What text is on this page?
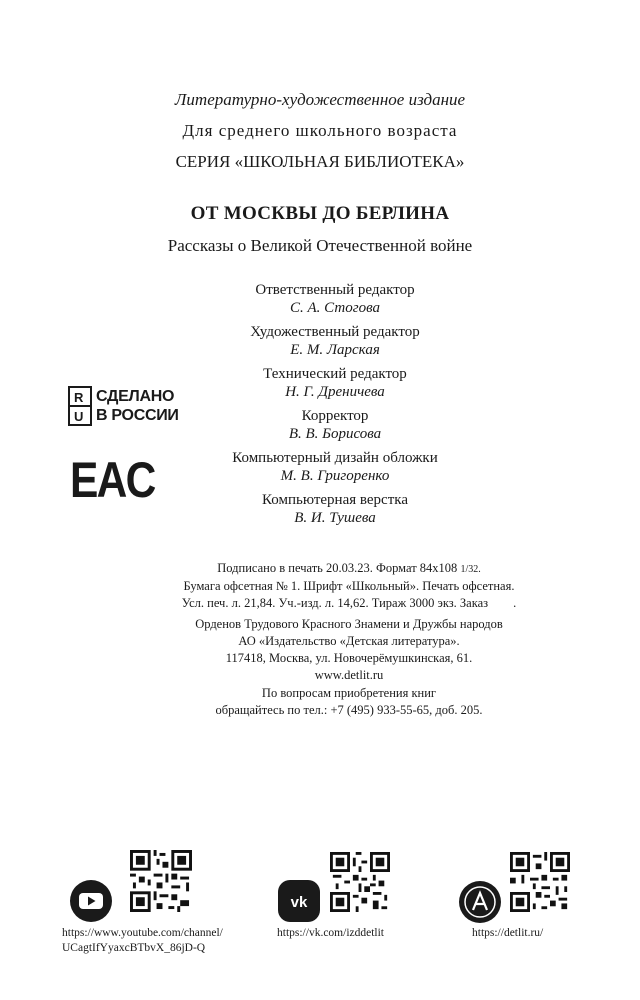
Литературно-художественное издание
Для среднего школьного возраста
СЕРИЯ «ШКОЛЬНАЯ БИБЛИОТЕКА»
ОТ МОСКВЫ ДО БЕРЛИНА
Рассказы о Великой Отечественной войне
Ответственный редактор
С. А. Стогова
Художественный редактор
Е. М. Ларская
Технический редактор
Н. Г. Дреничева
Корректор
В. В. Борисова
Компьютерный дизайн обложки
М. В. Григоренко
Компьютерная верстка
В. И. Тушева
R
U
СДЕЛАНО
В РОССИИ
EAC
Подписано в печать 20.03.23. Формат 84x108 1/32.
Бумага офсетная № 1. Шрифт «Школьный». Печать офсетная.
Усл. печ. л. 21,84. Уч.-изд. л. 14,62. Тираж 3000 экз. Заказ        .
Орденов Трудового Красного Знамени и Дружбы народов
АО «Издательство «Детская литература».
117418, Москва, ул. Новочерёмушкинская, 61.
www.detlit.ru
По вопросам приобретения книг
обращайтесь по тел.: +7 (495) 933-55-65, доб. 205.
https://www.youtube.com/channel/
UCagtIfYyaxcBTbvX_86jD-Q
vk
https://vk.com/izddetlit	https://detlit.ru/
